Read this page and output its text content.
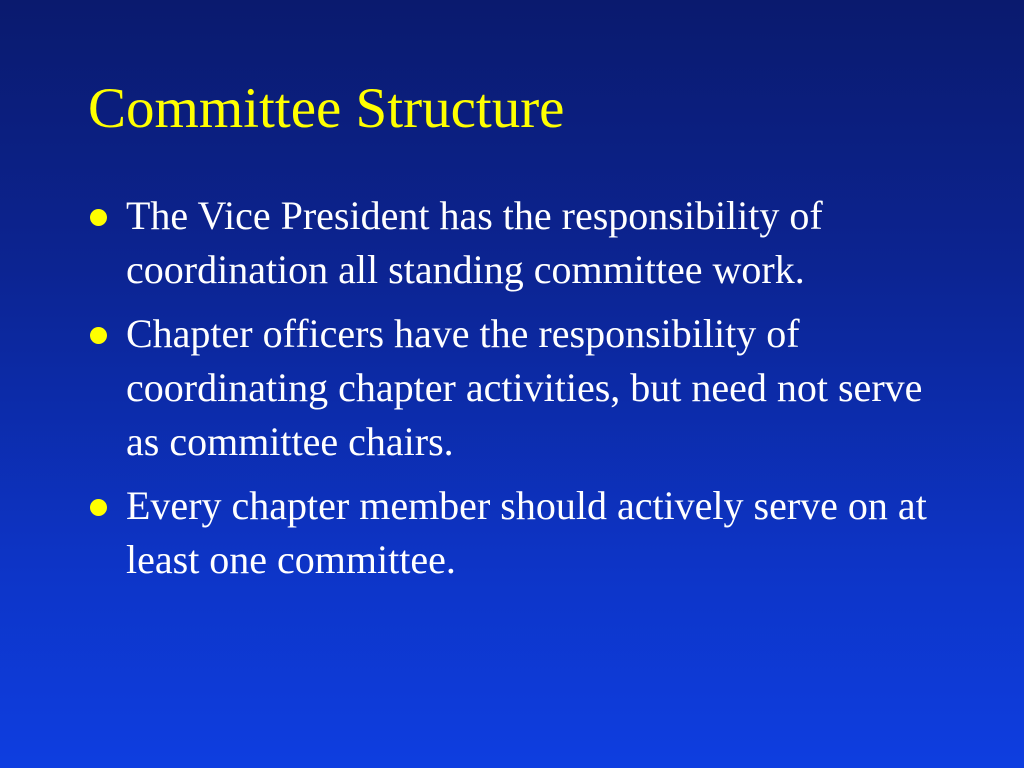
Committee Structure
The Vice President has the responsibility of coordination all standing committee work.
Chapter officers have the responsibility of coordinating chapter activities, but need not serve as committee chairs.
Every chapter member should actively serve on at least one committee.
